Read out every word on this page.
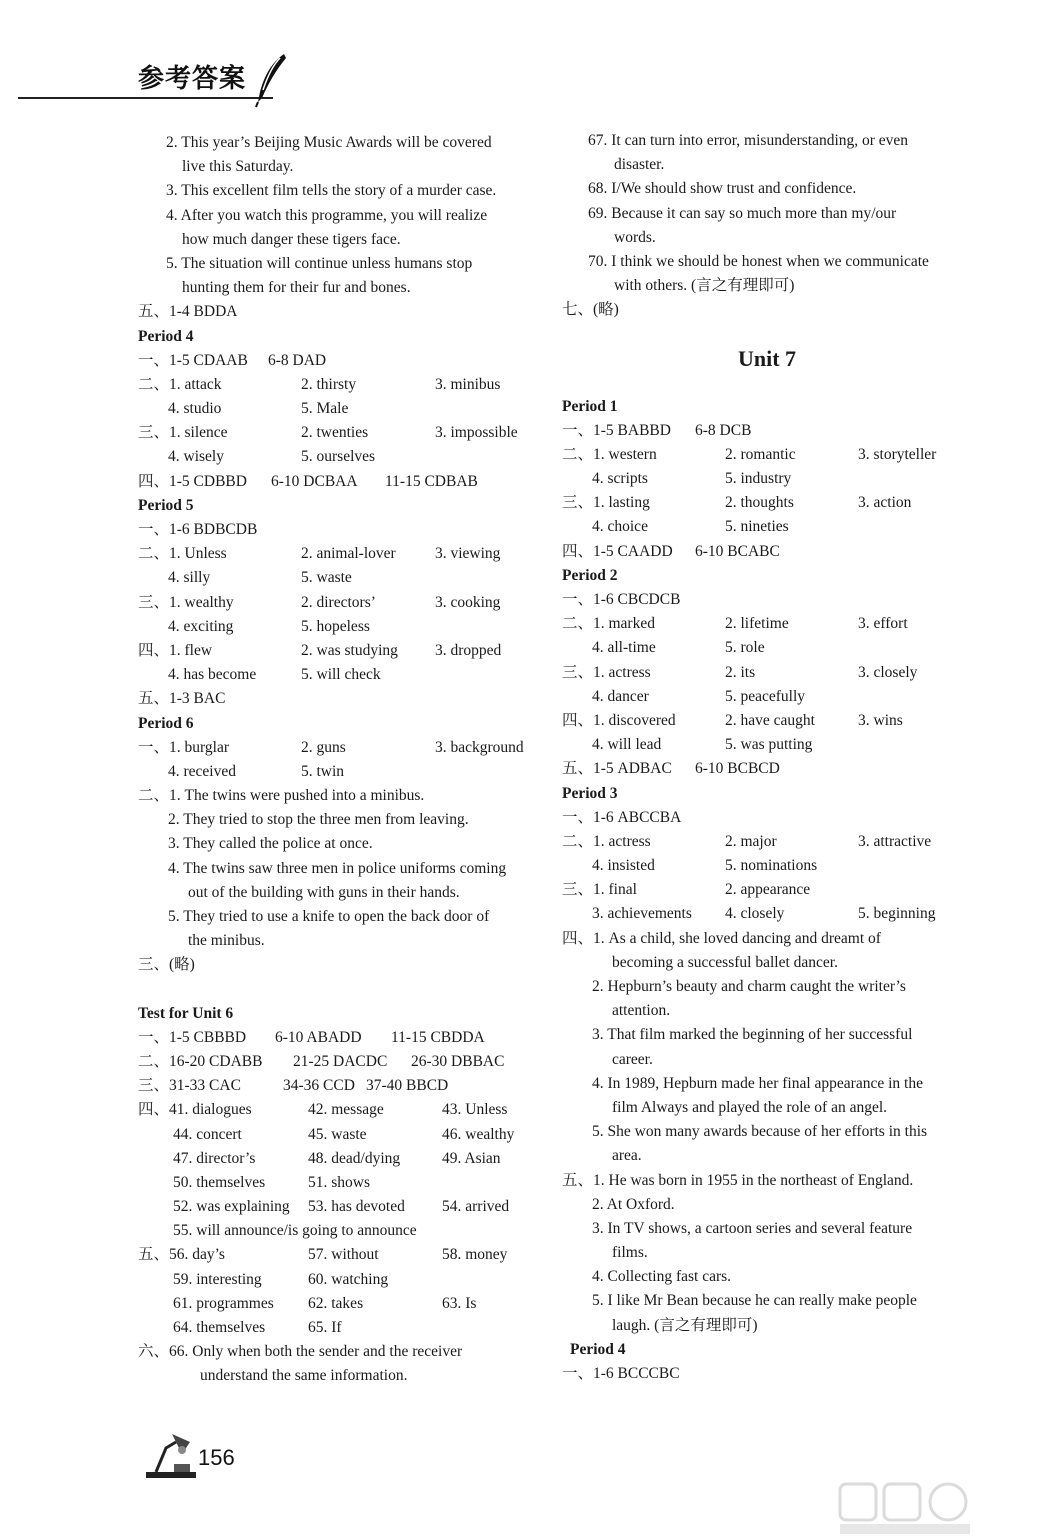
参考答案
2. This year’s Beijing Music Awards will be covered
live this Saturday.
3. This excellent film tells the story of a murder case.
4. After you watch this programme, you will realize
how much danger these tigers face.
5. The situation will continue unless humans stop
hunting them for their fur and bones.
五、1-4 BDDA
Period 4
一、1-5 CDAAB 6-8 DAD
二、1. attack	2. thirsty	3. minibus
4. studio	5. Male
三、1. silence	2. twenties	3. impossible
4. wisely	5. ourselves
四、1-5 CDBBD 6-10 DCBAA 11-15 CDBAB
Period 5
一、1-6 BDBCDB
二、1. Unless	2. animal-lover	3. viewing
4. silly	5. waste
三、1. wealthy	2. directors’	3. cooking
4. exciting	5. hopeless
四、1. flew	2. was studying 3. dropped
4. has become	5. will check
五、1-3 BAC
Period 6
一、1. burglar	2. guns	3. background
4. received	5. twin
二、1. The twins were pushed into a minibus.
2. They tried to stop the three men from leaving.
3. They called the police at once.
4. The twins saw three men in police uniforms coming
out of the building with guns in their hands.
5. They tried to use a knife to open the back door of
the minibus.
三、(略)
Test for Unit 6
一、1-5 CBBBD 6-10 ABADD 11-15 CBDDA
二、16-20 CDABB 21-25 DACDC 26-30 DBBAC
三、31-33 CAC	34-36 CCD 37-40 BBCD
四、41. dialogues	42. message	43. Unless
44. concert	45. waste	46. wealthy
47. director’s	48. dead/dying	49. Asian
50. themselves	51. shows
52. was explaining 53. has devoted 54. arrived
55. will announce/is going to announce
五、56. day’s	57. without	58. money
59. interesting	60. watching
61. programmes 62. takes	63. Is
64. themselves	65. If
六、66. Only when both the sender and the receiver
understand the same information.
67. It can turn into error, misunderstanding, or even
disaster.
68. I/We should show trust and confidence.
69. Because it can say so much more than my/our
words.
70. I think we should be honest when we communicate
with others. (言之有理即可)
七、(略)
Unit 7
Period 1
一、1-5 BABBD 6-8 DCB
二、1. western	2. romantic	3. storyteller
4. scripts	5. industry
三、1. lasting	2. thoughts	3. action
4. choice	5. nineties
四、1-5 CAADD 6-10 BCABC
Period 2
一、1-6 CBCDCB
二、1. marked	2. lifetime	3. effort
4. all-time	5. role
三、1. actress	2. its	3. closely
4. dancer	5. peacefully
四、1. discovered	2. have caught	3. wins
4. will lead	5. was putting
五、1-5 ADBAC 6-10 BCBCD
Period 3
一、1-6 ABCCBA
二、1. actress	2. major	3. attractive
4. insisted	5. nominations
三、1. final	2. appearance
3. achievements 4. closely	5. beginning
四、1. As a child, she loved dancing and dreamt of
becoming a successful ballet dancer.
2. Hepburn’s beauty and charm caught the writer’s
attention.
3. That film marked the beginning of her successful
career.
4. In 1989, Hepburn made her final appearance in the
film Always and played the role of an angel.
5. She won many awards because of her efforts in this
area.
五、1. He was born in 1955 in the northeast of England.
2. At Oxford.
3. In TV shows, a cartoon series and several feature
films.
4. Collecting fast cars.
5. I like Mr Bean because he can really make people
laugh. (言之有理即可)
Period 4
一、1-6 BCCCBC
156
